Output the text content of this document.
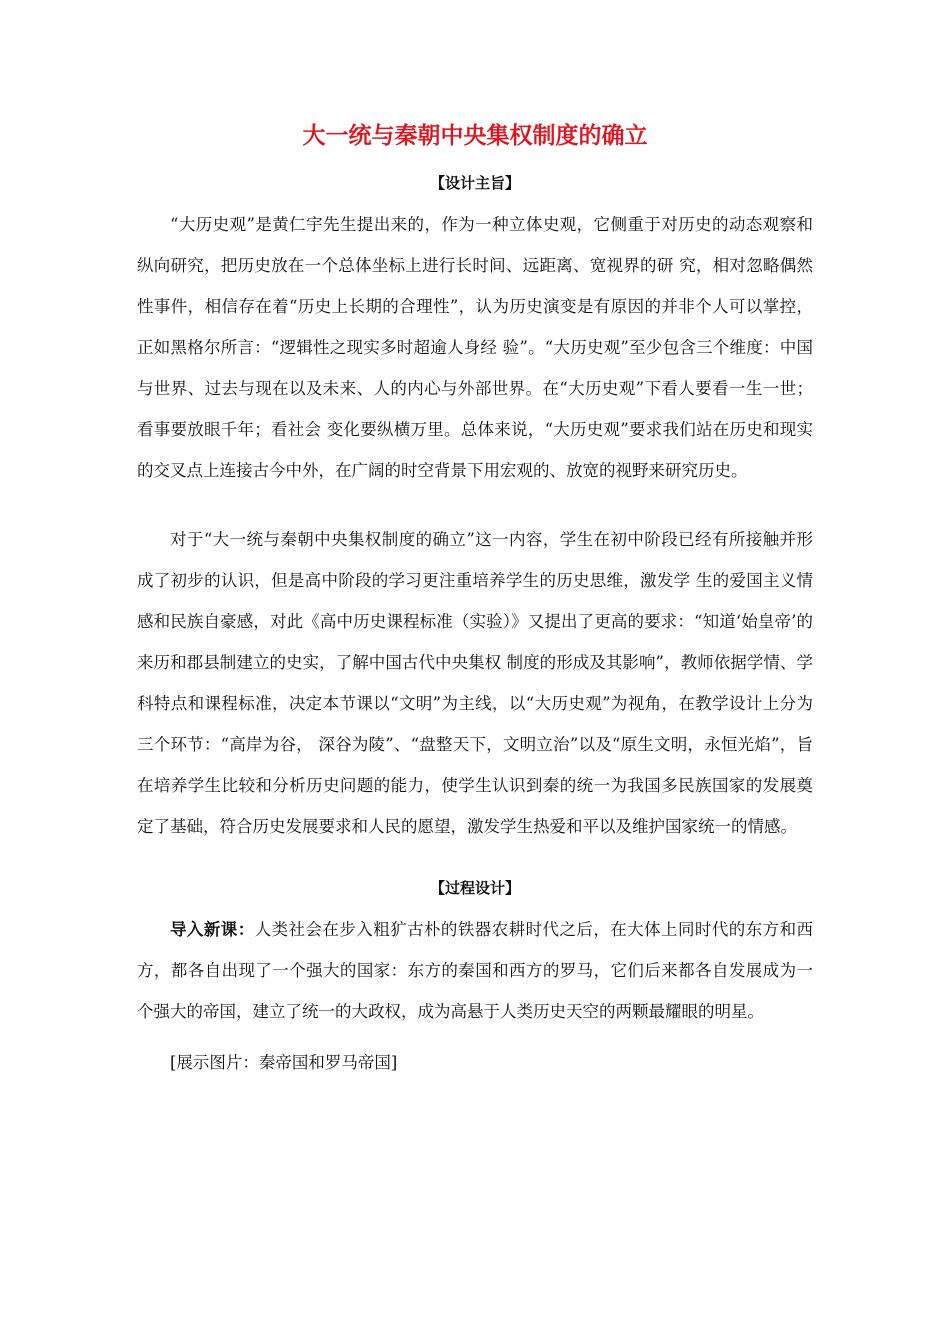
大一统与秦朝中央集权制度的确立
【设计主旨】

“大历史观”是黄仁宇先生提出来的，作为一种立体史观，它侧重于对历史的动态观察和纵向研究，把历史放在一个总体坐标上进行长时间、远距离、宽视界的研 究，相对忽略偶然性事件，相信存在着“历史上长期的合理性”，认为历史演变是有原因的并非个人可以掌控，正如黑格尔所言：“逻辑性之现实多时超逾人身经 验”。“大历史观”至少包含三个维度：中国与世界、过去与现在以及未来、人的内心与外部世界。在“大历史观”下看人要看一生一世；看事要放眼千年；看社会 变化要纵横万里。总体来说，“大历史观”要求我们站在历史和现实的交叉点上连接古今中外，在广阔的时空背景下用宏观的、放宽的视野来研究历史。

对于“大一统与秦朝中央集权制度的确立”这一内容，学生在初中阶段已经有所接触并形成了初步的认识，但是高中阶段的学习更注重培养学生的历史思维，激发学 生的爱国主义情感和民族自豪感，对此《高中历史课程标准（实验）》又提出了更高的要求：“知道‘始皇帝’的来历和郡县制建立的史实，了解中国古代中央集权 制度的形成及其影响”，教师依据学情、学科特点和课程标准，决定本节课以“文明”为主线，以“大历史观”为视角，在教学设计上分为三个环节：“高岸为谷， 深谷为陵”、“盘整天下，文明立治”以及“原生文明，永恒光焰”，旨在培养学生比较和分析历史问题的能力，使学生认识到秦的统一为我国多民族国家的发展奠 定了基础，符合历史发展要求和人民的愿望，激发学生热爱和平以及维护国家统一的情感。

【过程设计】

导入新课：人类社会在步入粗犷古朴的铁器农耕时代之后，在大体上同时代的东方和西方，都各自出现了一个强大的国家：东方的秦国和西方的罗马，它们后来都各自发展成为一个强大的帝国，建立了统一的大政权，成为高悬于人类历史天空的两颗最耀眼的明星。

[展示图片：秦帝国和罗马帝国]
